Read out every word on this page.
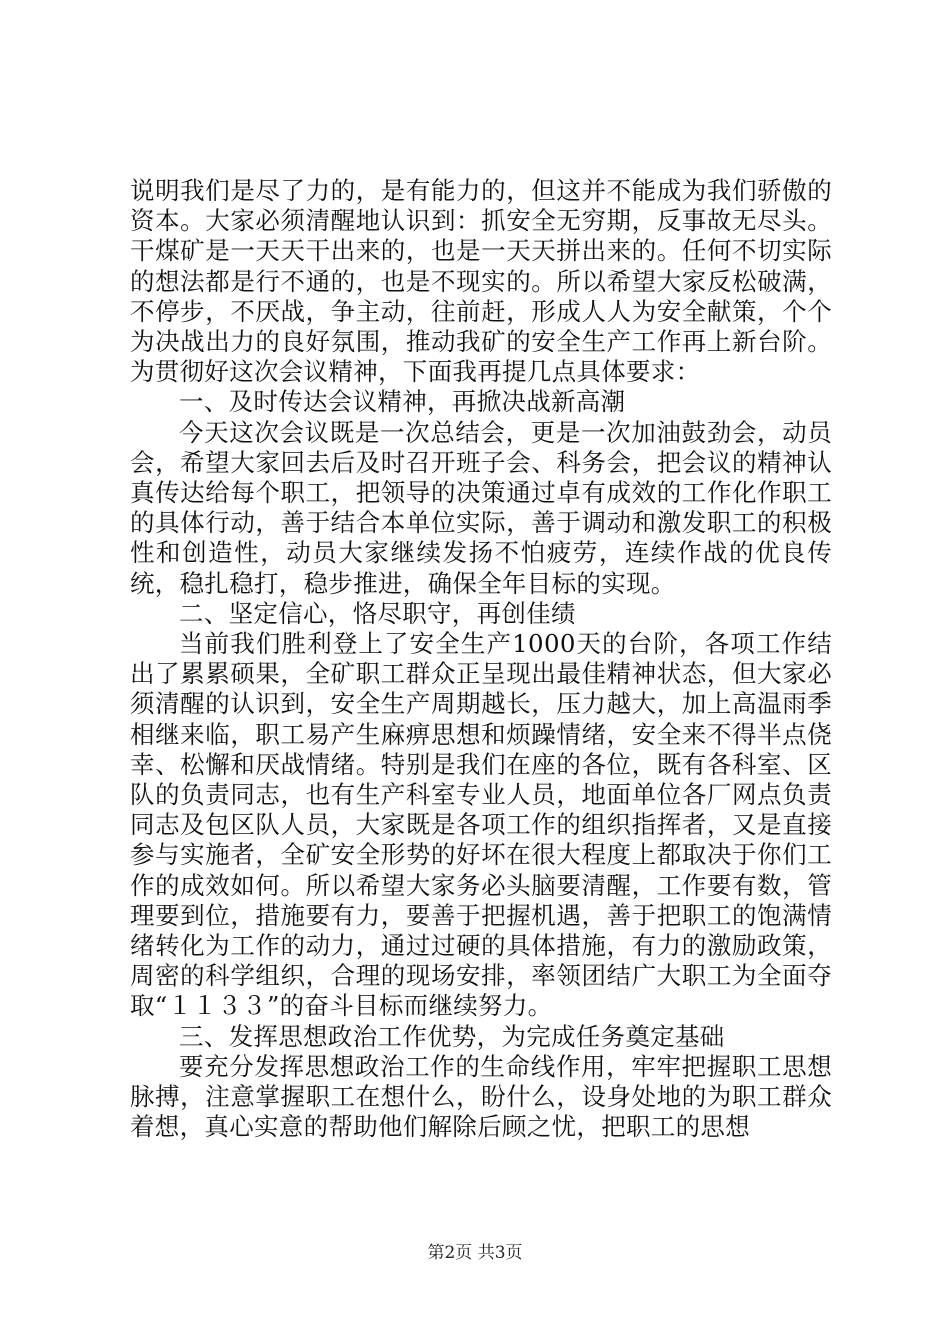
说明我们是尽了力的，是有能力的，但这并不能成为我们骄傲的资本。大家必须清醒地认识到：抓安全无穷期，反事故无尽头。干煤矿是一天天干出来的，也是一天天拼出来的。任何不切实际的想法都是行不通的，也是不现实的。所以希望大家反松破满，不停步，不厌战，争主动，往前赶，形成人人为安全献策，个个为决战出力的良好氛围，推动我矿的安全生产工作再上新台阶。为贯彻好这次会议精神，下面我再提几点具体要求：

一、及时传达会议精神，再掀决战新高潮

今天这次会议既是一次总结会，更是一次加油鼓劲会，动员会，希望大家回去后及时召开班子会、科务会，把会议的精神认真传达给每个职工，把领导的决策通过卓有成效的工作化作职工的具体行动，善于结合本单位实际，善于调动和激发职工的积极性和创造性，动员大家继续发扬不怕疲劳，连续作战的优良传统，稳扎稳打，稳步推进，确保全年目标的实现。

二、坚定信心，恪尽职守，再创佳绩

当前我们胜利登上了安全生产1000天的台阶，各项工作结出了累累硕果，全矿职工群众正呈现出最佳精神状态，但大家必须清醒的认识到，安全生产周期越长，压力越大，加上高温雨季相继来临，职工易产生麻痹思想和烦躁情绪，安全来不得半点侥幸、松懈和厌战情绪。特别是我们在座的各位，既有各科室、区队的负责同志，也有生产科室专业人员，地面单位各厂网点负责同志及包区队人员，大家既是各项工作的组织指挥者，又是直接参与实施者，全矿安全形势的好坏在很大程度上都取决于你们工作的成效如何。所以希望大家务必头脑要清醒，工作要有数，管理要到位，措施要有力，要善于把握机遇，善于把职工的饱满情绪转化为工作的动力，通过过硬的具体措施，有力的激励政策，周密的科学组织，合理的现场安排，率领团结广大职工为全面夺取“１１３３”的奋斗目标而继续努力。

三、发挥思想政治工作优势，为完成任务奠定基础

要充分发挥思想政治工作的生命线作用，牢牢把握职工思想脉搏，注意掌握职工在想什么，盼什么，设身处地的为职工群众着想，真心实意的帮助他们解除后顾之忧，把职工的思想

第2页 共3页
